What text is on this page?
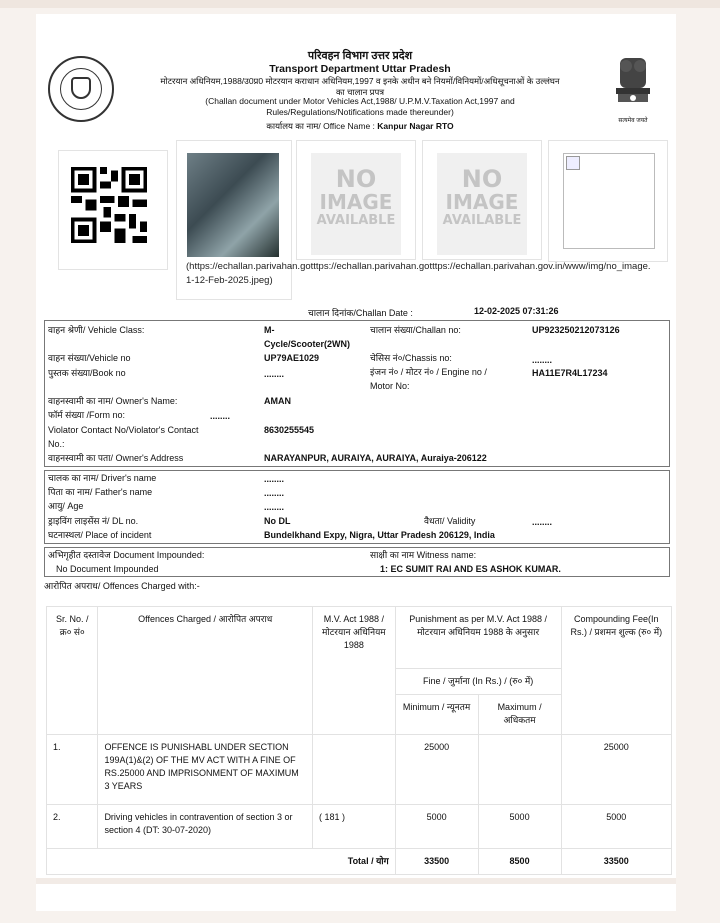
सत्यमेव जयते
परिवहन विभाग उत्तर प्रदेश
Transport Department Uttar Pradesh
मोटरयान अधिनियम,1988/उ0प्र0 मोटरयान कराधान अधिनियम,1997 व इनके अधीन बने नियमों/विनियमों/अधिसूचनाओं के उल्लंघन का चालान प्रपत्र
(Challan document under Motor Vehicles Act,1988/ U.P.M.V.Taxation Act,1997 and Rules/Regulations/Notifications made thereunder)
कार्यालय का नाम/ Office Name : Kanpur Nagar RTO
NO
IMAGE
AVAILABLE
NO
IMAGE
AVAILABLE
(https://echallan.parivahan.gotttps://echallan.parivahan.gotttps://echallan.parivahan.gov.in/www/img/no_image.
1-12-Feb-2025.jpeg)
चालान दिनांक/Challan Date :	12-02-2025 07:31:26
वाहन श्रेणी/ Vehicle Class:	M-
Cycle/Scooter(2WN)
चालान संख्या/Challan no:	UP923250212073126
वाहन संख्या/Vehicle no	UP79AE1029	चेसिस नं०/Chassis no:	........
पुस्तक संख्या/Book no	........	इंजन नं० / मोटर नं० / Engine no /
Motor No:
HA11E7R4L17234
वाहनस्वामी का नाम/ Owner's Name:	AMAN
फॉर्म संख्या /Form no:	........
Violator Contact No/Violator's Contact
No.:
8630255545
वाहनस्वामी का पता/ Owner's Address	NARAYANPUR, AURAIYA, AURAIYA, Auraiya-206122
चालक का नाम/ Driver's name	........
पिता का नाम/ Father's name	........
आयु/ Age	........
ड्राइविंग लाइसेंस नं/ DL no.	No DL	वैधता/ Validity	........
घटनास्थल/ Place of incident	Bundelkhand Expy, Nigra, Uttar Pradesh 206129, India
अभिगृहीत दस्तावेज Document Impounded:
No Document Impounded
साक्षी का नाम Witness name:
1: EC SUMIT RAI AND ES ASHOK KUMAR.
आरोपित अपराध/ Offences Charged with:-
Sr. No. / क्र० सं०	Offences Charged / आरोपित अपराध	M.V. Act 1988 / मोटरयान अधिनियम 1988	Punishment as per M.V. Act 1988 / मोटरयान अधिनियम 1988 के अनुसार		Compounding Fee(In Rs.) / प्रशमन शुल्क (रु० में)
			Fine / जुर्माना (In Rs.) / (रु० में)		
			Minimum / न्यूनतम	Maximum / अधिकतम	
1.	OFFENCE IS PUNISHABL UNDER SECTION 199A(1)&(2) OF THE MV ACT WITH A FINE OF RS.25000 AND IMPRISONMENT OF MAXIMUM 3 YEARS		25000		25000
2.	Driving vehicles in contravention of section 3 or section 4 (DT: 30-07-2020)	( 181 )	5000	5000	5000
Total / योग			33500	8500	33500
